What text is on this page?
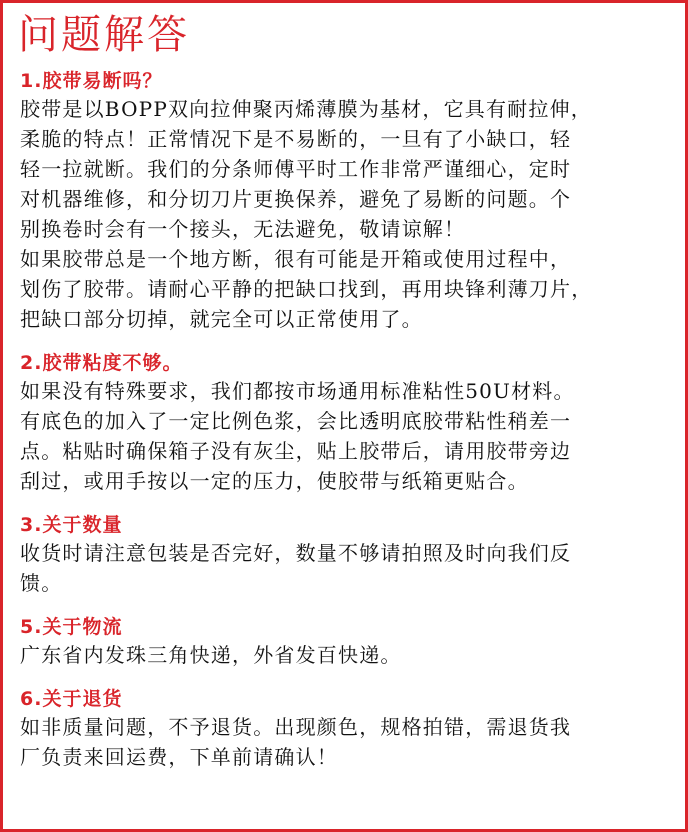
问题解答
1.胶带易断吗？
胶带是以BOPP双向拉伸聚丙烯薄膜为基材，它具有耐拉伸，
柔脆的特点！正常情况下是不易断的，一旦有了小缺口，轻
轻一拉就断。我们的分条师傅平时工作非常严谨细心，定时
对机器维修，和分切刀片更换保养，避免了易断的问题。个
别换卷时会有一个接头，无法避免，敬请谅解！
如果胶带总是一个地方断，很有可能是开箱或使用过程中，
划伤了胶带。请耐心平静的把缺口找到，再用块锋利薄刀片，
把缺口部分切掉，就完全可以正常使用了。
2.胶带粘度不够。
如果没有特殊要求，我们都按市场通用标准粘性50U材料。
有底色的加入了一定比例色浆，会比透明底胶带粘性稍差一
点。粘贴时确保箱子没有灰尘，贴上胶带后，请用胶带旁边
刮过，或用手按以一定的压力，使胶带与纸箱更贴合。
3.关于数量
收货时请注意包装是否完好，数量不够请拍照及时向我们反
馈。
5.关于物流
广东省内发珠三角快递，外省发百快递。
6.关于退货
如非质量问题，不予退货。出现颜色，规格拍错，需退货我
厂负责来回运费，下单前请确认！
